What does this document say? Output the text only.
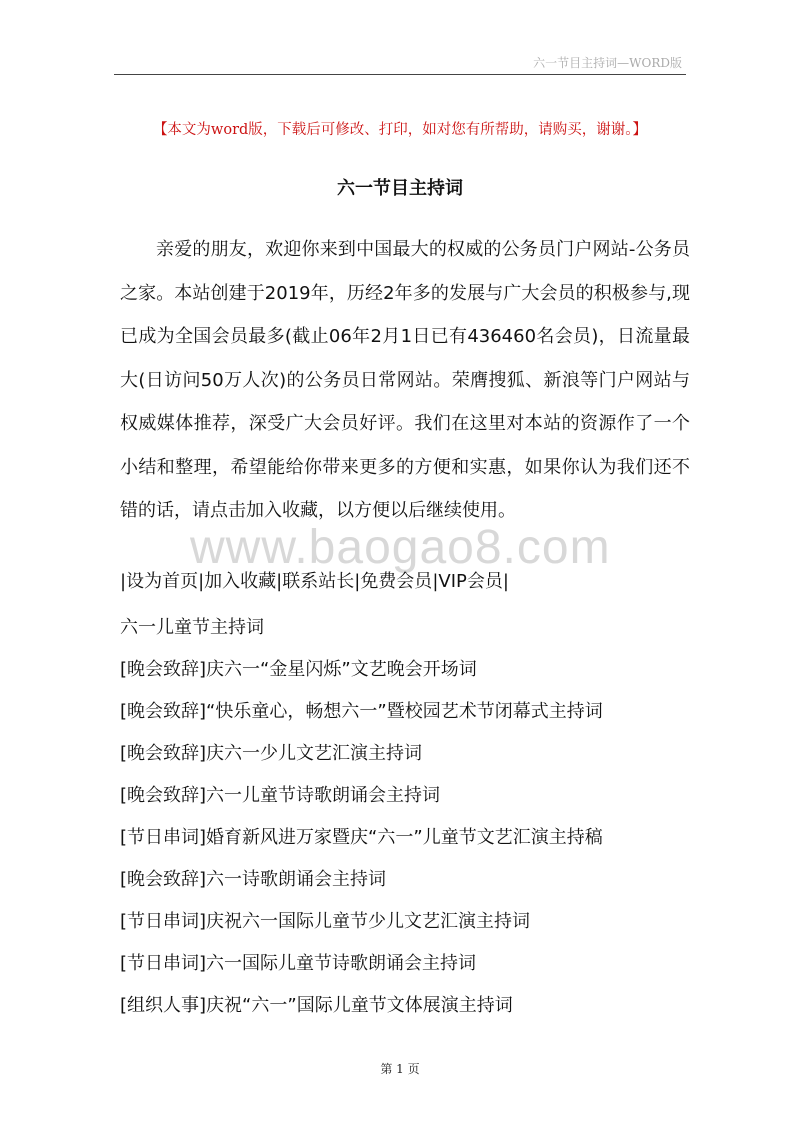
六一节目主持词—WORD版
【本文为word版，下载后可修改、打印，如对您有所帮助，请购买，谢谢。】
六一节目主持词

亲爱的朋友，欢迎你来到中国最大的权威的公务员门户网站-公务员之家。本站创建于2019年，历经2年多的发展与广大会员的积极参与,现已成为全国会员最多(截止06年2月1日已有436460名会员)，日流量最大(日访问50万人次)的公务员日常网站。荣膺搜狐、新浪等门户网站与权威媒体推荐，深受广大会员好评。我们在这里对本站的资源作了一个小结和整理，希望能给你带来更多的方便和实惠，如果你认为我们还不错的话，请点击加入收藏，以方便以后继续使用。

www.baogao8.com
|设为首页|加入收藏|联系站长|免费会员|VIP会员|
六一儿童节主持词
[晚会致辞]庆六一“金星闪烁”文艺晚会开场词
[晚会致辞]“快乐童心，畅想六一”暨校园艺术节闭幕式主持词
[晚会致辞]庆六一少儿文艺汇演主持词
[晚会致辞]六一儿童节诗歌朗诵会主持词
[节日串词]婚育新风进万家暨庆“六一”儿童节文艺汇演主持稿
[晚会致辞]六一诗歌朗诵会主持词
[节日串词]庆祝六一国际儿童节少儿文艺汇演主持词
[节日串词]六一国际儿童节诗歌朗诵会主持词
[组织人事]庆祝“六一”国际儿童节文体展演主持词
第 1 页
